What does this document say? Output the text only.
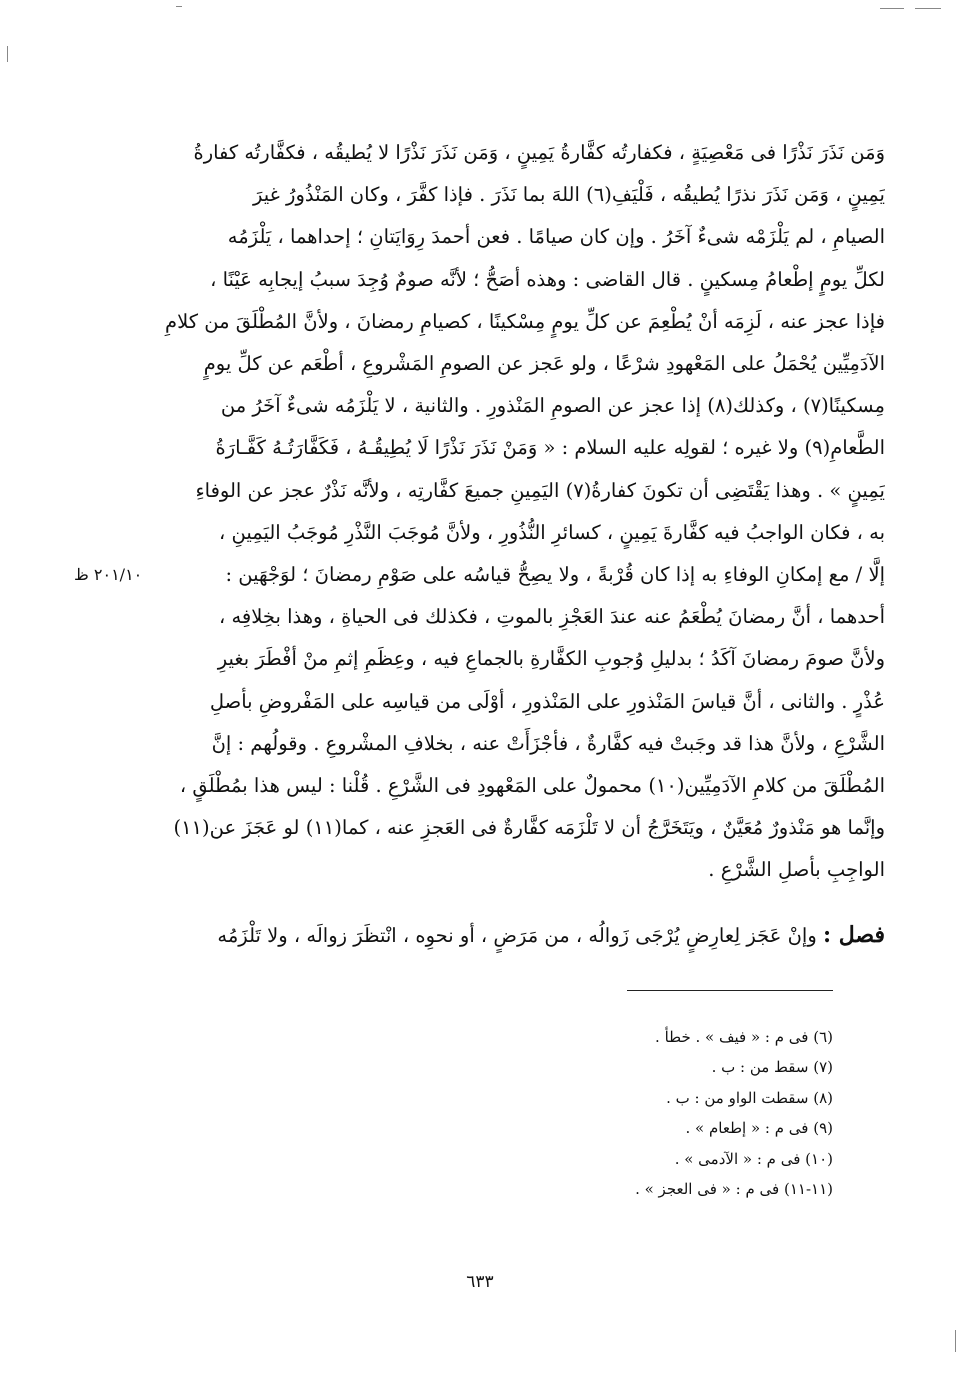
وَمَن نَذَرَ نَذْرًا فى مَعْصِيَةٍ ، فكفارتُه كفَّارةُ يَمِينٍ ، وَمَن نَذَرَ نَذْرًا لا يُطيقُه ، فكفَّارتُه كفارةُ
يَمِينٍ ، وَمَن نَذَرَ نذرًا يُطيقُه ، فَلْيَفِ(٦) اللهَ بما نَذَرَ . فإذا كفَّرَ ، وكان المَنْذُورُ غيرَ
الصيامِ ، لم يَلْزَمْه شىءٌ آخَرُ . وإن كان صيامًا . فعن أحمدَ رِوَايَتانِ ؛ إحداهما ، يَلْزَمُه
لكلِّ يومٍ إطْعامُ مِسكينٍ . قال القاضى : وهذه أصَحُّ ؛ لأنَّه صومٌ وُجِدَ سببُ إيجابِه عَيْنًا ،
فإذا عجز عنه ، لَزِمَه أنْ يُطْعِمَ عن كلِّ يومٍ مِسْكينًا ، كصيامِ رمضانَ ، ولأنَّ المُطْلَقَ من كلامِ
الآدَمِيِّين يُحْمَلُ على المَعْهودِ شرْعًا ، ولو عَجز عن الصومِ المَشْروعِ ، أطْعَم عن كلِّ يومٍ
مِسكينًا(٧) ، وكذلك(٨) إذا عجز عن الصومِ المَنْذورِ . والثانية ، لا يَلْزَمُه شىءٌ آخَرُ من
الطَّعامِ(٩) ولا غيره ؛ لقولِه عليه السلام : « وَمَنْ نَذَرَ نَذْرًا لَا يُطِيقُـهُ ، فَكَفَّارَتُـهُ كَفَّـارَةُ
يَمِينٍ » . وهذا يَقْتَضِى أن تكونَ كفارةُ(٧) اليَمِينِ جميعَ كفَّارتِه ، ولأنَّه نَذْرٌ عجز عن الوفاءِ
به ، فكان الواجبُ فيه كفَّارةَ يَمِينٍ ، كسائرِ النُّذُورِ ، ولأنَّ مُوجَبَ النَّذْرِ مُوجَبُ اليَمِينِ ،
إلَّا / مع إمكانِ الوفاءِ به إذا كان قُرْبةً ، ولا يصِحُّ قياسُه على صَوْمِ رمضانَ ؛ لوَجْهَين :
أحدهما ، أنَّ رمضانَ يُطْعَمُ عنه عندَ العَجْزِ بالموتِ ، فكذلك فى الحياةِ ، وهذا بخِلافِه ،
ولأنَّ صومَ رمضانَ آكَدُ ؛ بدليلِ وُجوبِ الكفَّارةِ بالجماعِ فيه ، وعِظَمِ إثمِ منْ أفْطَرَ بغيرِ
عُذْرٍ . والثانى ، أنَّ قياسَ المَنْذورِ على المَنْذورِ ، أوْلَى من قياسِه على المَفْروضِ بأصلِ
الشَّرْعِ ، ولأنَّ هذا قد وجَبتْ فيه كفَّارةٌ ، فأجْزَأَتْ عنه ، بخلافِ المشْروعِ . وقولُهم : إنَّ
المُطْلَقَ من كلامِ الآدَمِيِّين(١٠) محمولٌ على المَعْهودِ فى الشَّرْعِ . قُلْنا : ليس هذا بمُطْلَقٍ ،
وإنَّما هو مَنْذورٌ مُعَيَّنٌ ، ويَتَخَرَّجُ أن لا تَلْزَمَه كفَّارةٌ فى العَجزِ عنه ، كما(١١) لو عَجَزَ عن(١١)
الواجِبِ بأصلِ الشَّرْعِ .
٢٠١/١٠ ظ
فصل : وإنْ عَجَز لِعارِضٍ يُرْجَى زَوالُه ، من مَرَضٍ ، أو نحوِه ، انْتظَرَ زوالَه ، ولا تَلْزَمُه
(٦) فى م : « فيف » . خطأ .
(٧) سقط من : ب .
(٨) سقطت الواو من : ب .
(٩) فى م : « إطعام » .
(١٠) فى م : « الآدمى » .
(١١-١١) فى م : « فى العجز » .
٦٣٣
